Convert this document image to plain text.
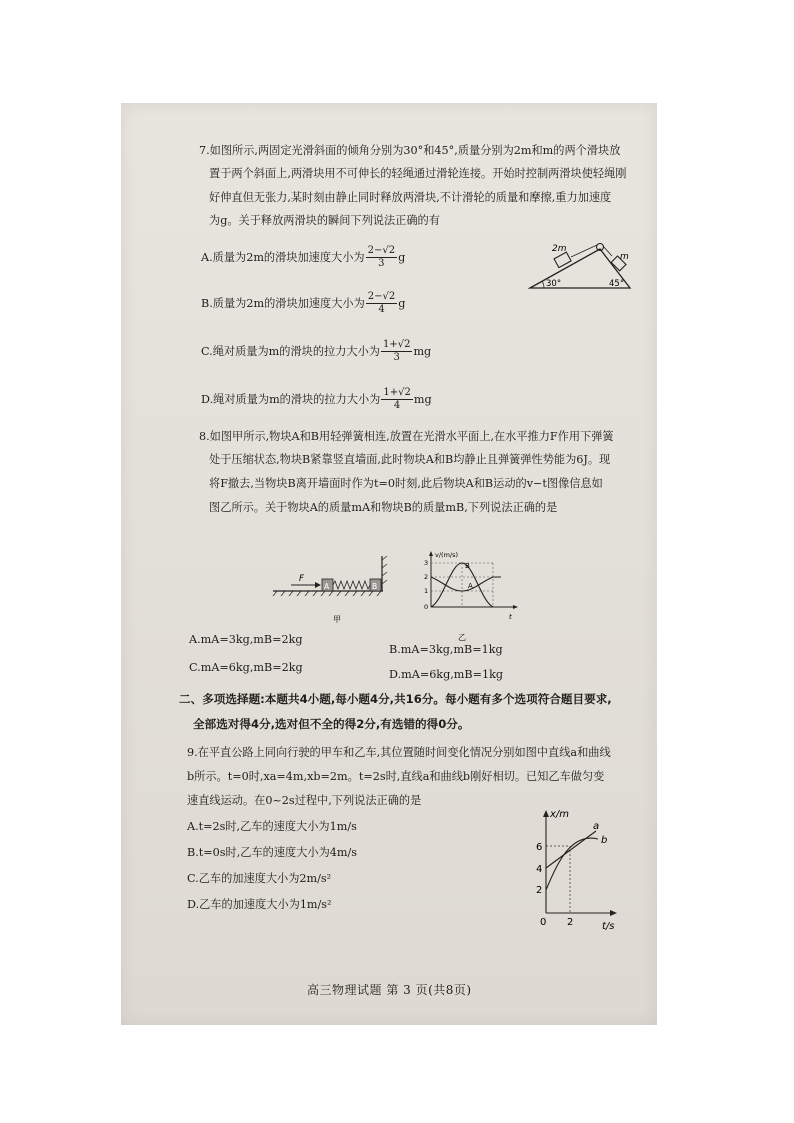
7.如图所示,两固定光滑斜面的倾角分别为30°和45°,质量分别为2m和m的两个滑块放
置于两个斜面上,两滑块用不可伸长的轻绳通过滑轮连接。开始时控制两滑块使轻绳刚
好伸直但无张力,某时刻由静止同时释放两滑块,不计滑轮的质量和摩擦,重力加速度
为g。关于释放两滑块的瞬间下列说法正确的有
A.质量为2m的滑块加速度大小为 $\frac{2-√2}{3}$ g
B.质量为2m的滑块加速度大小为 $\frac{2-√2}{4}$ g
C.绳对质量为m的滑块的拉力大小为 $\frac{1+√2}{3}$ mg
D.绳对质量为m的滑块的拉力大小为 $\frac{1+√2}{4}$ mg
2m
m
30°	45°
8.如图甲所示,物块A和B用轻弹簧相连,放置在光滑水平面上,在水平推力F作用下弹簧
处于压缩状态,物块B紧靠竖直墙面,此时物块A和B均静止且弹簧弹性势能为6J。现
将F撤去,当物块B离开墙面时作为t=0时刻,此后物块A和B运动的v−t图像信息如
图乙所示。关于物块A的质量mA和物块B的质量mB,下列说法正确的是
F
A	B
甲
v/(m/s)
t
3
2
1
0
B
A
乙
A.mA=3kg,mB=2kg
B.mA=3kg,mB=1kg
C.mA=6kg,mB=2kg
D.mA=6kg,mB=1kg
二、多项选择题:本题共4小题,每小题4分,共16分。每小题有多个选项符合题目要求,
全部选对得4分,选对但不全的得2分,有选错的得0分。
9.在平直公路上同向行驶的甲车和乙车,其位置随时间变化情况分别如图中直线a和曲线
b所示。t=0时,xa=4m,xb=2m。t=2s时,直线a和曲线b刚好相切。已知乙车做匀变
速直线运动。在0~2s过程中,下列说法正确的是
A.t=2s时,乙车的速度大小为1m/s
B.t=0s时,乙车的速度大小为4m/s
C.乙车的加速度大小为2m/s²
D.乙车的加速度大小为1m/s²
x/m
t/s
6
4
2
0 2
a
b
高三物理试题 第 3 页(共8页)
